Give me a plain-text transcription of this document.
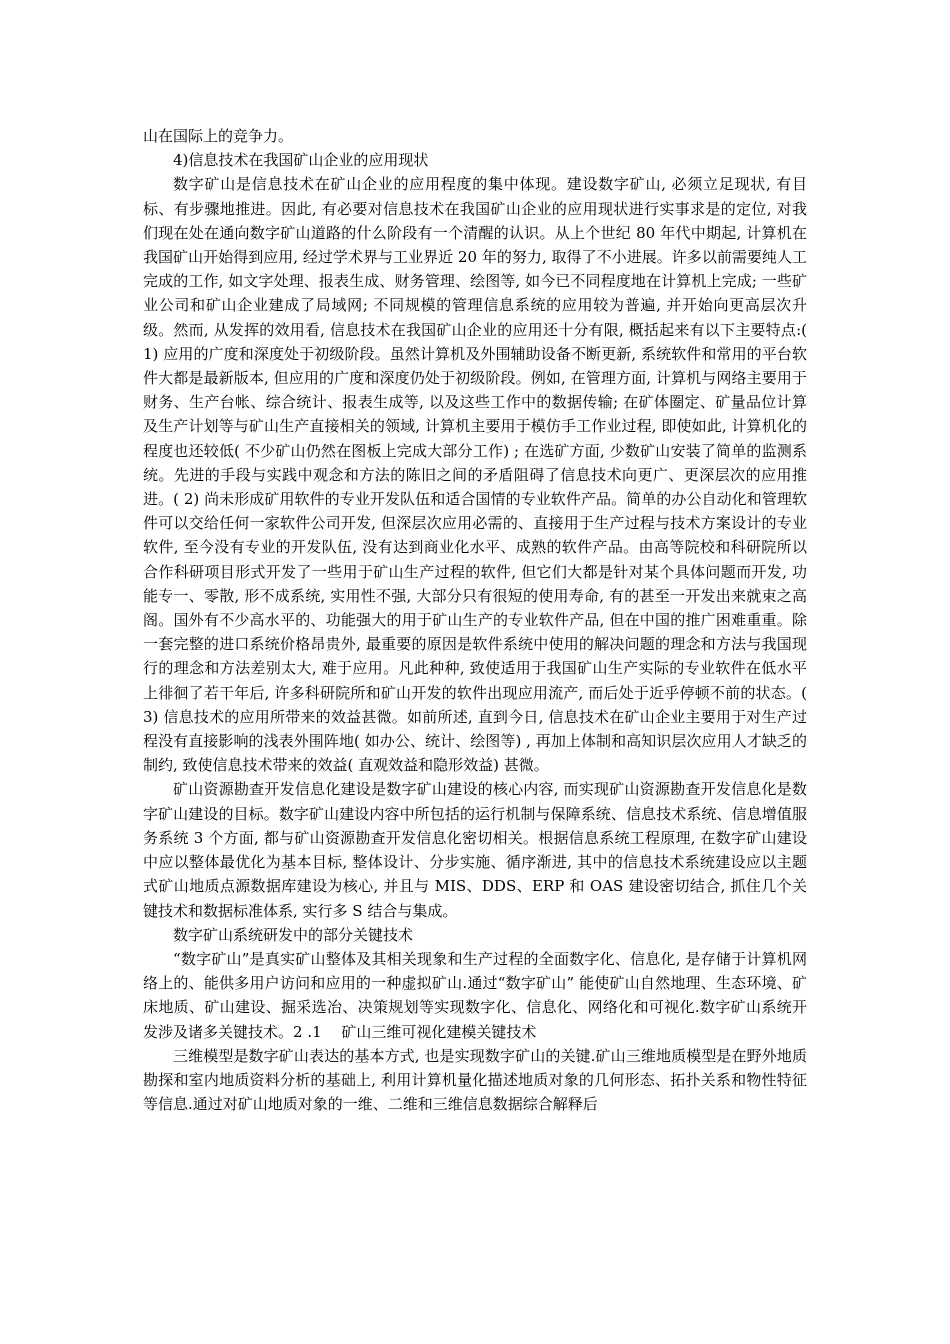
山在国际上的竞争力。

4)信息技术在我国矿山企业的应用现状

数字矿山是信息技术在矿山企业的应用程度的集中体现。建设数字矿山, 必须立足现状, 有目标、有步骤地推进。因此, 有必要对信息技术在我国矿山企业的应用现状进行实事求是的定位, 对我们现在处在通向数字矿山道路的什么阶段有一个清醒的认识。从上个世纪 80 年代中期起, 计算机在我国矿山开始得到应用, 经过学术界与工业界近 20 年的努力, 取得了不小进展。许多以前需要纯人工完成的工作, 如文字处理、报表生成、财务管理、绘图等, 如今已不同程度地在计算机上完成; 一些矿业公司和矿山企业建成了局域网; 不同规模的管理信息系统的应用较为普遍, 并开始向更高层次升级。然而, 从发挥的效用看, 信息技术在我国矿山企业的应用还十分有限, 概括起来有以下主要特点:( 1) 应用的广度和深度处于初级阶段。虽然计算机及外围辅助设备不断更新, 系统软件和常用的平台软件大都是最新版本, 但应用的广度和深度仍处于初级阶段。例如, 在管理方面, 计算机与网络主要用于财务、生产台帐、综合统计、报表生成等, 以及这些工作中的数据传输; 在矿体圈定、矿量品位计算及生产计划等与矿山生产直接相关的领域, 计算机主要用于模仿手工作业过程, 即使如此, 计算机化的程度也还较低( 不少矿山仍然在图板上完成大部分工作) ; 在选矿方面, 少数矿山安装了简单的监测系统。先进的手段与实践中观念和方法的陈旧之间的矛盾阻碍了信息技术向更广、更深层次的应用推进。( 2) 尚未形成矿用软件的专业开发队伍和适合国情的专业软件产品。简单的办公自动化和管理软件可以交给任何一家软件公司开发, 但深层次应用必需的、直接用于生产过程与技术方案设计的专业软件, 至今没有专业的开发队伍, 没有达到商业化水平、成熟的软件产品。由高等院校和科研院所以合作科研项目形式开发了一些用于矿山生产过程的软件, 但它们大都是针对某个具体问题而开发, 功能专一、零散, 形不成系统, 实用性不强, 大部分只有很短的使用寿命, 有的甚至一开发出来就束之高阁。国外有不少高水平的、功能强大的用于矿山生产的专业软件产品, 但在中国的推广困难重重。除一套完整的进口系统价格昂贵外, 最重要的原因是软件系统中使用的解决问题的理念和方法与我国现行的理念和方法差别太大, 难于应用。凡此种种, 致使适用于我国矿山生产实际的专业软件在低水平上徘徊了若干年后, 许多科研院所和矿山开发的软件出现应用流产, 而后处于近乎停顿不前的状态。( 3) 信息技术的应用所带来的效益甚微。如前所述, 直到今日, 信息技术在矿山企业主要用于对生产过程没有直接影响的浅表外围阵地( 如办公、统计、绘图等) , 再加上体制和高知识层次应用人才缺乏的制约, 致使信息技术带来的效益( 直观效益和隐形效益) 甚微。

矿山资源勘查开发信息化建设是数字矿山建设的核心内容, 而实现矿山资源勘查开发信息化是数字矿山建设的目标。数字矿山建设内容中所包括的运行机制与保障系统、信息技术系统、信息增值服务系统 3 个方面, 都与矿山资源勘查开发信息化密切相关。根据信息系统工程原理, 在数字矿山建设中应以整体最优化为基本目标, 整体设计、分步实施、循序渐进, 其中的信息技术系统建设应以主题式矿山地质点源数据库建设为核心, 并且与 MIS、DDS、ERP 和 OAS 建设密切结合, 抓住几个关键技术和数据标准体系, 实行多 S 结合与集成。

数字矿山系统研发中的部分关键技术

“数字矿山”是真实矿山整体及其相关现象和生产过程的全面数字化、信息化, 是存储于计算机网络上的、能供多用户访问和应用的一种虚拟矿山.通过“数字矿山” 能使矿山自然地理、生态环境、矿床地质、矿山建设、掘采选冶、决策规划等实现数字化、信息化、网络化和可视化.数字矿山系统开发涉及诸多关键技术。2 .1　 矿山三维可视化建模关键技术

三维模型是数字矿山表达的基本方式, 也是实现数字矿山的关键.矿山三维地质模型是在野外地质勘探和室内地质资料分析的基础上, 利用计算机量化描述地质对象的几何形态、拓扑关系和物性特征等信息.通过对矿山地质对象的一维、二维和三维信息数据综合解释后
